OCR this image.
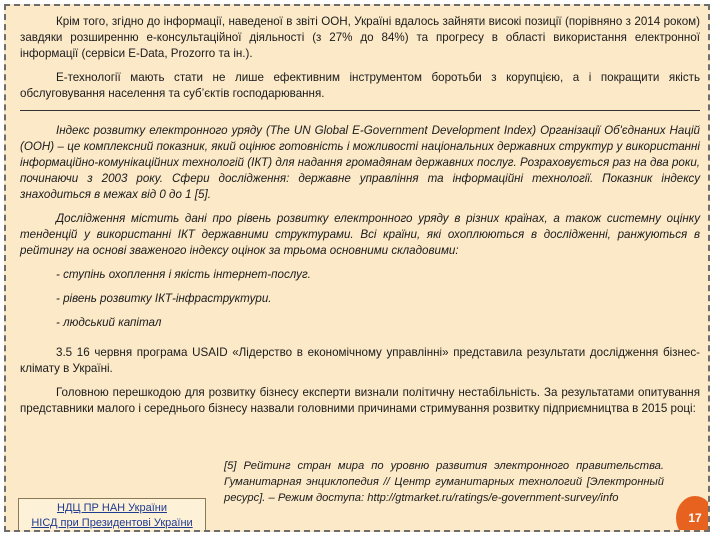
Крім того, згідно до інформації, наведеної в звіті ООН, Україні вдалось зайняти високі позиції (порівняно з 2014 роком) завдяки розширенню е-консультаційної діяльності (з 27% до 84%) та прогресу в області використання електронної інформації (сервіси E-Data, Prozorro та ін.).

Е-технології мають стати не лише ефективним інструментом боротьби з корупцією, а і покращити якість обслуговування населення та суб’єктів господарювання.

Індекс розвитку електронного уряду (The UN Global E-Government Development Index) Організації Об'єднаних Націй (ООН) – це комплексний показник, який оцінює готовність і можливості національних державних структур у використанні інформаційно-комунікаційних технологій (ІКТ) для надання громадянам державних послуг. Розраховується раз на два роки, починаючи з 2003 року. Сфери дослідження: державне управління та інформаційні технології. Показник індексу знаходиться в межах від 0 до 1 [5].

Дослідження містить дані про рівень розвитку електронного уряду в різних країнах, а також системну оцінку тенденцій у використанні ІКТ державними структурами. Всі країни, які охоплюються в дослідженні, ранжуються в рейтингу на основі зваженого індексу оцінок за трьома основними складовими:

- ступінь охоплення і якість інтернет-послуг.

- рівень розвитку ІКТ-інфраструктури.

- людський капітал

3.5 16 червня програма USAID «Лідерство в економічному управлінні» представила результати дослідження бізнес-клімату в Україні.

Головною перешкодою для розвитку бізнесу експерти визнали політичну нестабільність. За результатами опитування представники малого і середнього бізнесу назвали головними причинами стримування розвитку підприємництва в 2015 році:

НДЦ ПР НАН України
НІСД при Президентові України
[5] Рейтинг стран мира по уровню развития электронного правительства. Гуманитарная энциклопедия // Центр гуманитарных технологий [Электронный ресурс]. – Режим доступа: http://gtmarket.ru/ratings/e-government-survey/info
17
